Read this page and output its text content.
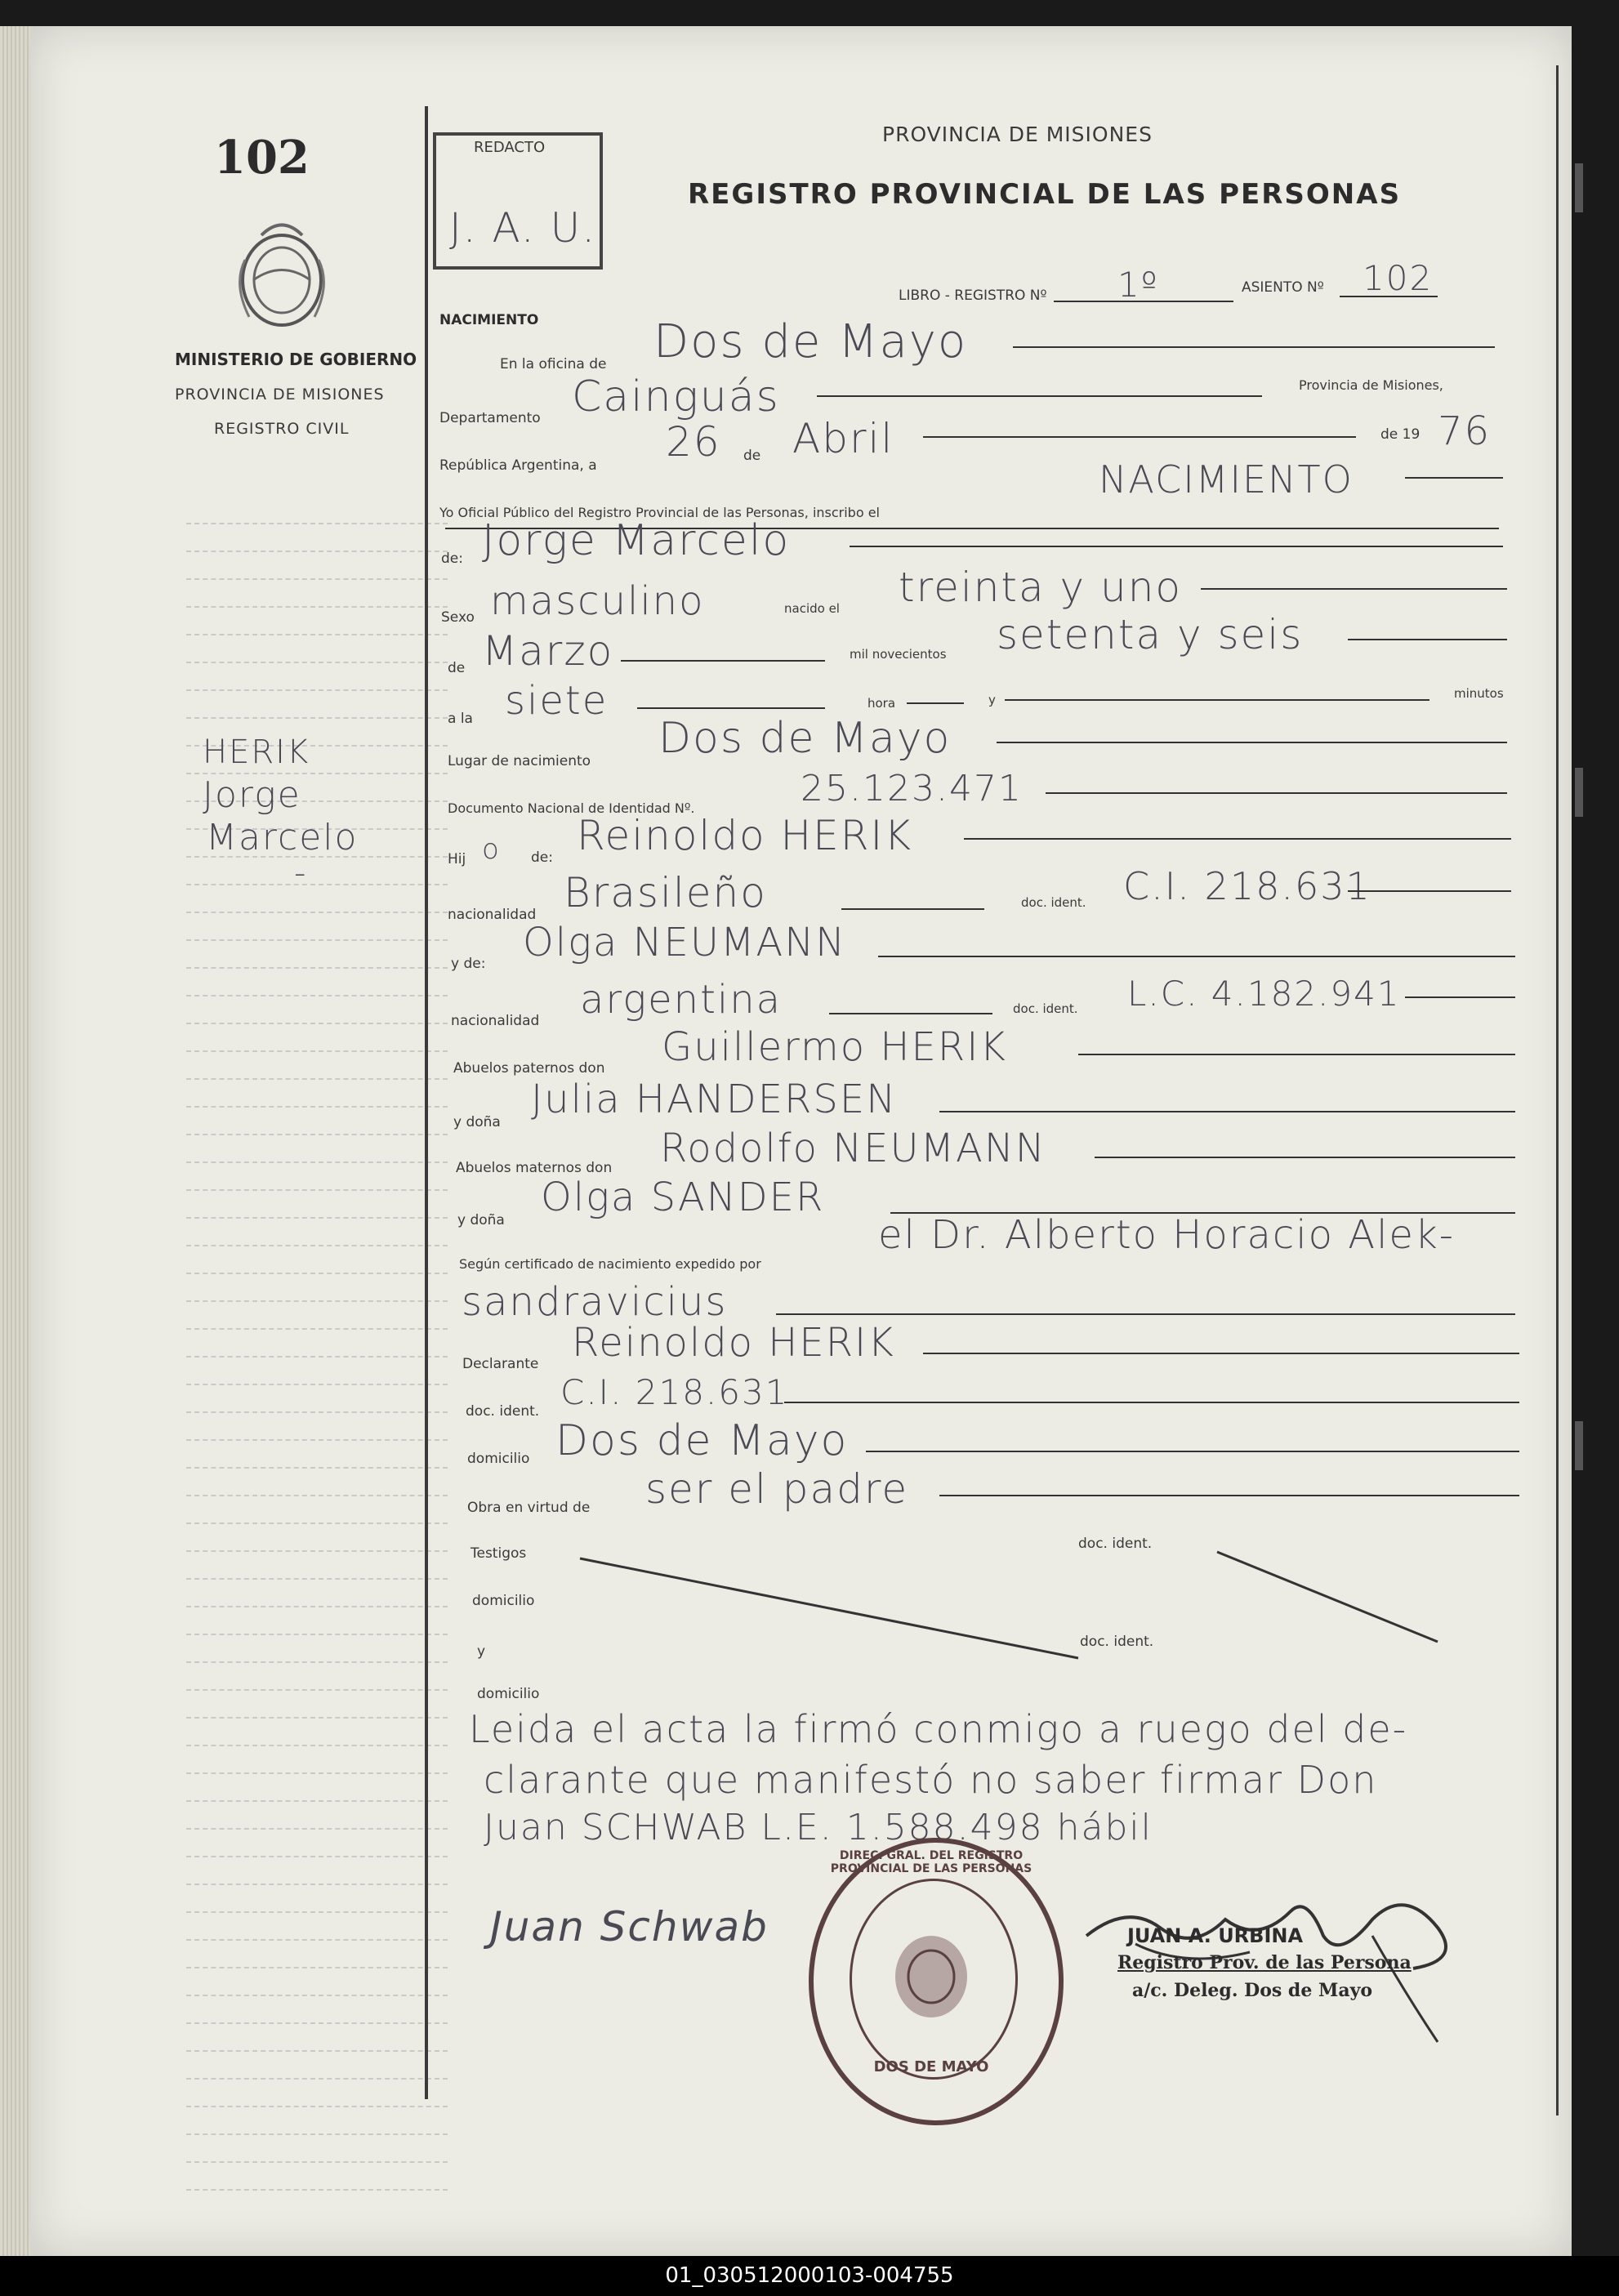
102
MINISTERIO DE GOBIERNO
PROVINCIA DE MISIONES
REGISTRO CIVIL
HERIK
Jorge
Marcelo
-
REDACTO
J. A. U.
PROVINCIA DE MISIONES
REGISTRO PROVINCIAL DE LAS PERSONAS
LIBRO - REGISTRO Nº 1º	ASIENTO Nº 102
NACIMIENTO
En la oficina de Dos de Mayo
Departamento Cainguás	Provincia de Misiones,
República Argentina, a 26 de Abril	de 19 76
Yo Oficial Público del Registro Provincial de las Personas, inscribo el
NACIMIENTO
de: Jorge Marcelo
Sexo masculino	nacido el treinta y uno
de Marzo	mil novecientos setenta y seis
a la siete	hora	y	minutos
Lugar de nacimiento Dos de Mayo
Documento Nacional de Identidad Nº.	25.123.471
Hij o de: Reinoldo HERIK
nacionalidad Brasileño	doc. ident. C.I. 218.631
y de: Olga NEUMANN
nacionalidad argentina	doc. ident. L.C. 4.182.941
Abuelos paternos don Guillermo HERIK
y doña Julia HANDERSEN
Abuelos maternos don Rodolfo NEUMANN
y doña Olga SANDER
Según certificado de nacimiento expedido por
el Dr. Alberto Horacio Alek-
sandravicius
Declarante Reinoldo HERIK
doc. ident. C.I. 218.631
domicilio Dos de Mayo
Obra en virtud de ser el padre
Testigos
doc. ident.
domicilio
y
doc. ident.
domicilio
Leida el acta la firmó conmigo a ruego del de-
clarante que manifestó no saber firmar Don
Juan SCHWAB L.E. 1.588.498 hábil
Juan Schwab	JUAN A. URBINA
Registro Prov. de las Persona
a/c. Deleg. Dos de Mayo
DIREC. GRAL. DEL REGISTRO PROVINCIAL DE LAS PERSONAS
DOS DE MAYO
01_030512000103-004755
